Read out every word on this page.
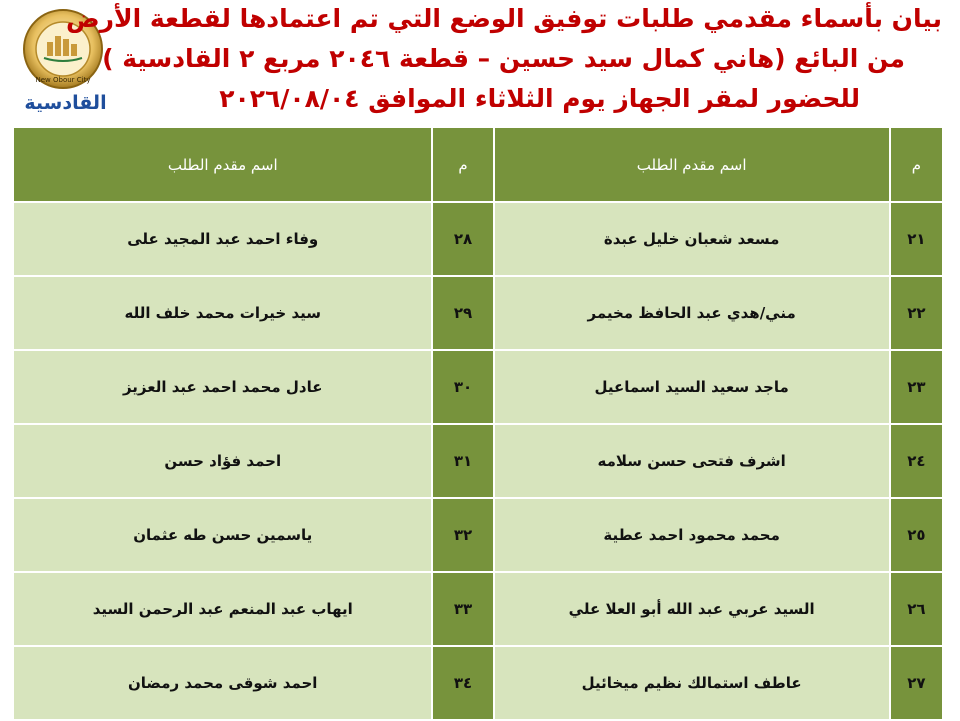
New Obour City
القادسية
بيان بأسماء مقدمي طلبات توفيق الوضع التي تم اعتمادها لقطعة الأرض
من البائع (هاني كمال سيد حسين – قطعة ٢٠٤٦ مربع ٢ القادسية )
للحضور لمقر الجهاز يوم الثلاثاء الموافق ٢٠٢٦/٠٨/٠٤
م	اسم مقدم الطلب	م	اسم مقدم الطلب
٢١	مسعد شعبان خليل عبدة	٢٨	وفاء احمد عبد المجيد على
٢٢	مني/هدي عبد الحافظ مخيمر	٢٩	سيد خيرات محمد خلف الله
٢٣	ماجد سعيد السيد اسماعيل	٣٠	عادل محمد احمد عبد العزيز
٢٤	اشرف فتحى حسن سلامه	٣١	احمد فؤاد حسن
٢٥	محمد محمود احمد عطية	٣٢	ياسمين حسن طه عثمان
٢٦	السيد عربي عبد الله أبو العلا علي	٣٣	ايهاب عبد المنعم عبد الرحمن السيد
٢٧	عاطف استمالك نظيم ميخائيل	٣٤	احمد شوقى محمد رمضان
